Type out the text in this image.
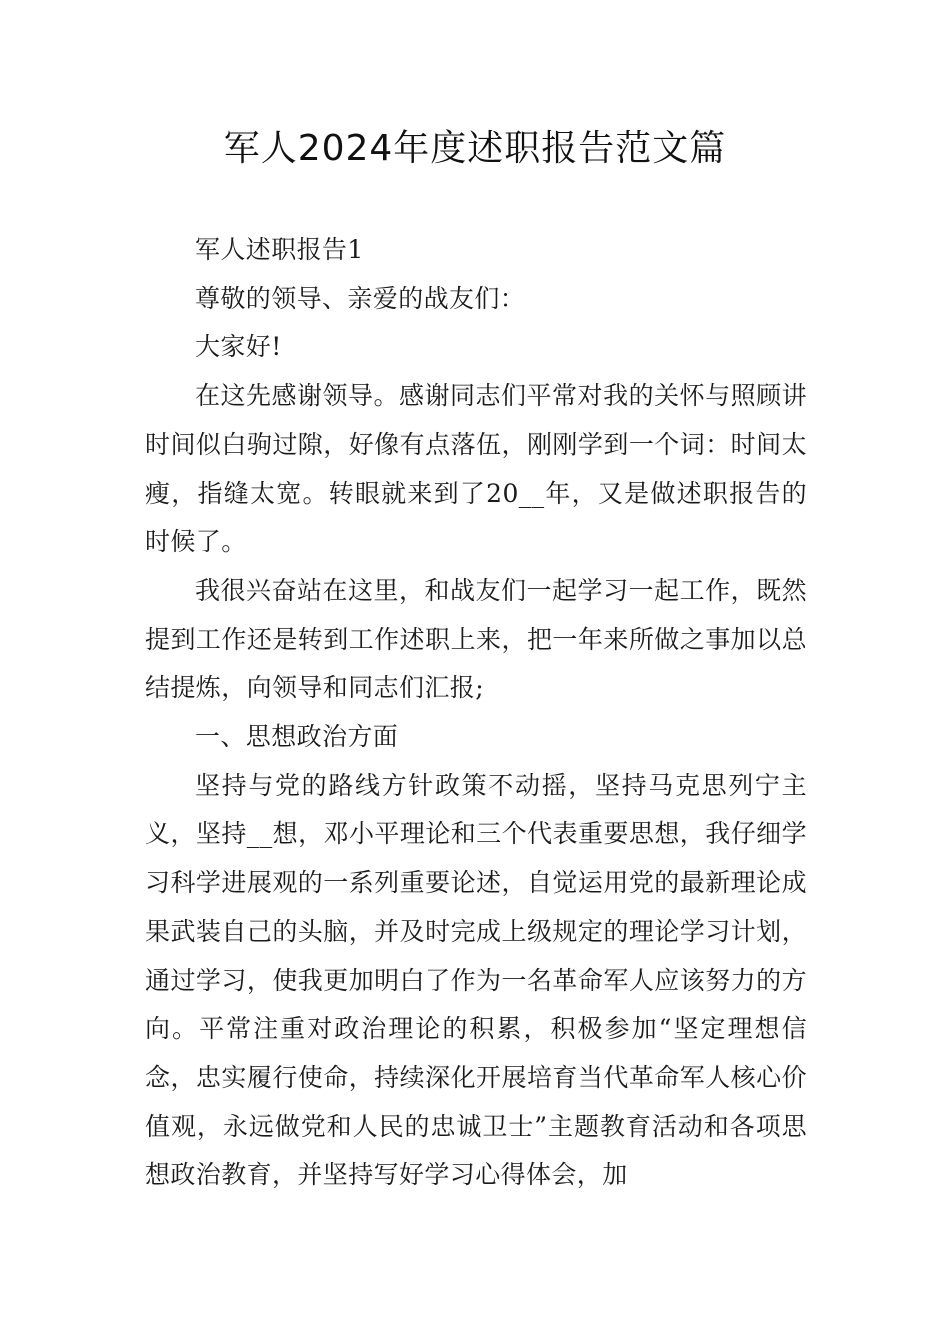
军人2024年度述职报告范文篇

军人述职报告1

尊敬的领导、亲爱的战友们：

大家好!

在这先感谢领导。感谢同志们平常对我的关怀与照顾讲时间似白驹过隙，好像有点落伍，刚刚学到一个词：时间太瘦，指缝太宽。转眼就来到了20__年，又是做述职报告的时候了。

我很兴奋站在这里，和战友们一起学习一起工作，既然提到工作还是转到工作述职上来，把一年来所做之事加以总结提炼，向领导和同志们汇报;

一、思想政治方面

坚持与党的路线方针政策不动摇，坚持马克思列宁主义，坚持__想，邓小平理论和三个代表重要思想，我仔细学习科学进展观的一系列重要论述，自觉运用党的最新理论成果武装自己的头脑，并及时完成上级规定的理论学习计划，通过学习，使我更加明白了作为一名革命军人应该努力的方向。平常注重对政治理论的积累，积极参加“坚定理想信念，忠实履行使命，持续深化开展培育当代革命军人核心价值观，永远做党和人民的忠诚卫士”主题教育活动和各项思想政治教育，并坚持写好学习心得体会，加
